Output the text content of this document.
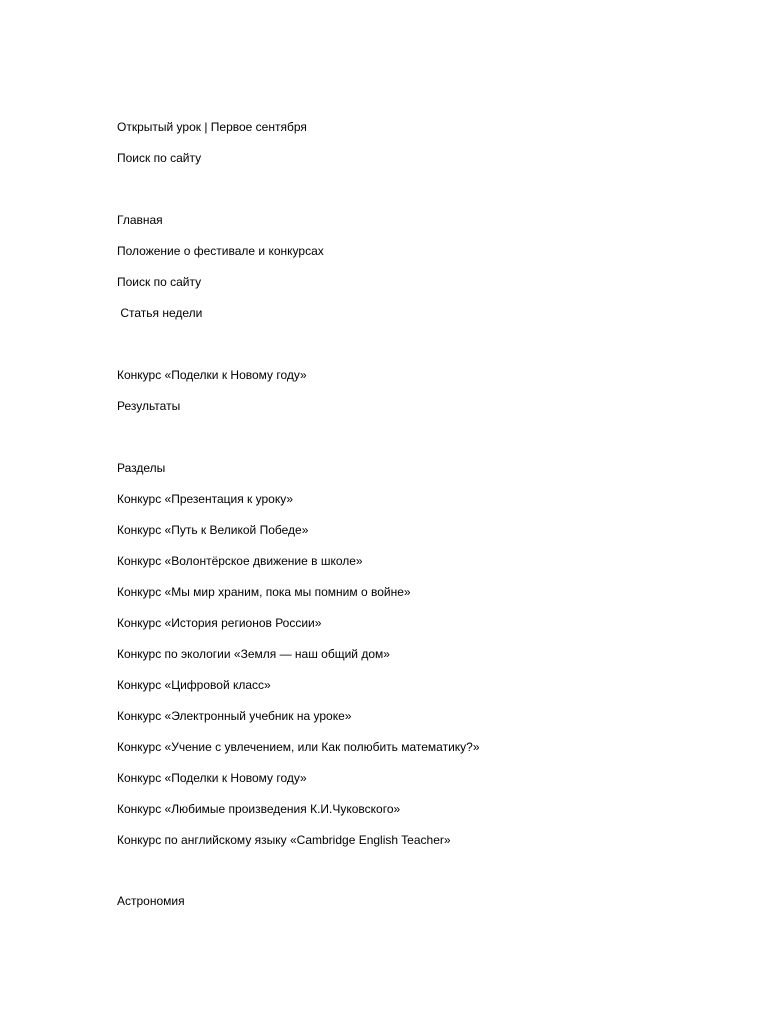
Открытый урок | Первое сентября
Поиск по сайту
Главная
Положение о фестивале и конкурсах
Поиск по сайту
Статья недели
Конкурс «Поделки к Новому году»
Результаты
Разделы
Конкурс «Презентация к уроку»
Конкурс «Путь к Великой Победе»
Конкурс «Волонтёрское движение в школе»
Конкурс «Мы мир храним, пока мы помним о войне»
Конкурс «История регионов России»
Конкурс по экологии «Земля — наш общий дом»
Конкурс «Цифровой класс»
Конкурс «Электронный учебник на уроке»
Конкурс «Учение с увлечением, или Как полюбить математику?»
Конкурс «Поделки к Новому году»
Конкурс «Любимые произведения К.И.Чуковского»
Конкурс по английскому языку «Cambridge English Teacher»
Астрономия
